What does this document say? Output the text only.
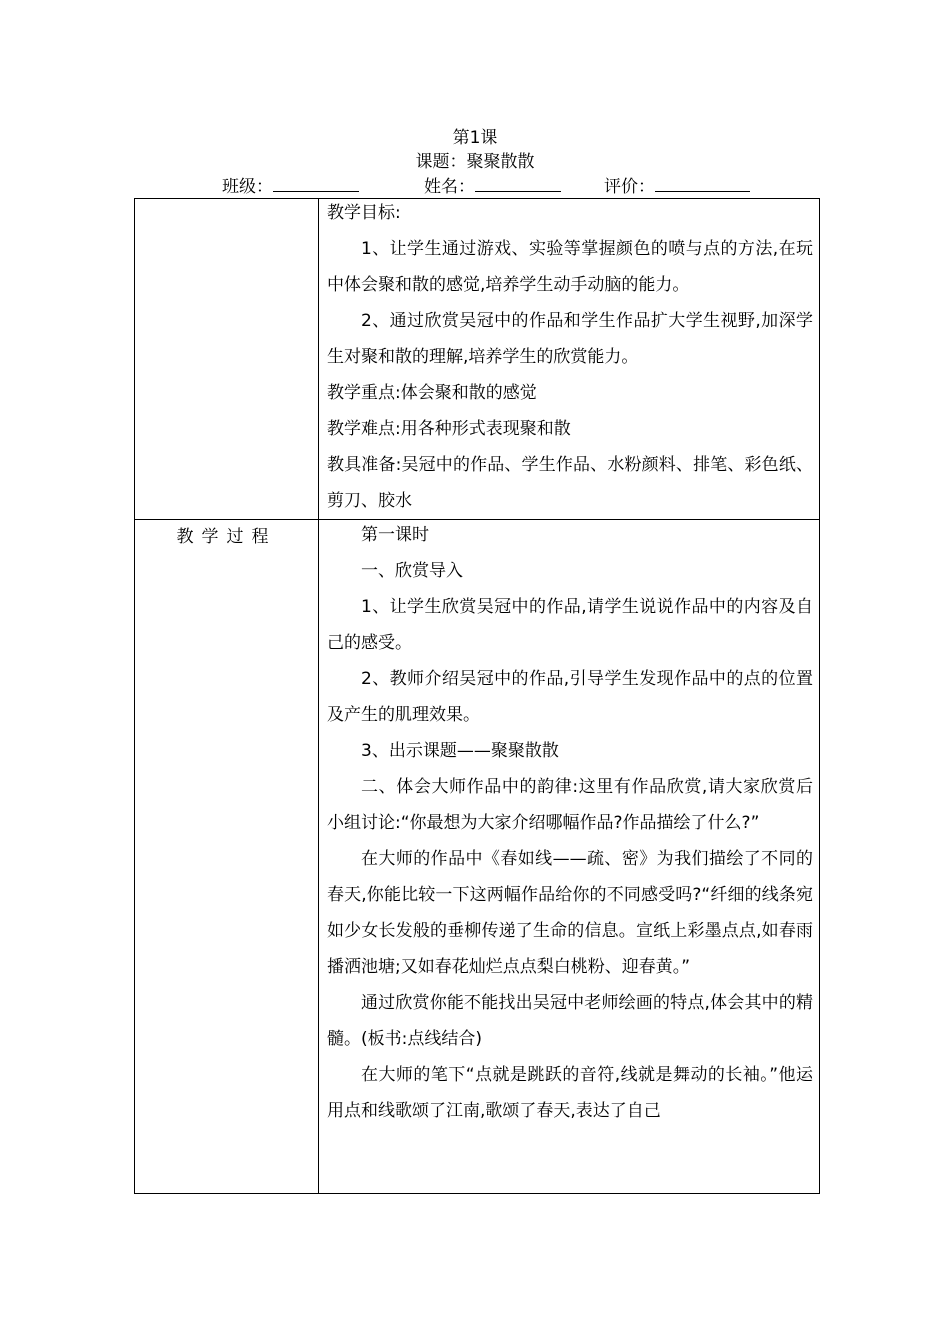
第1课
课题：聚聚散散
班级：	姓名：	评价：
教学过程

教学目标:

1、让学生通过游戏、实验等掌握颜色的喷与点的方法,在玩中体会聚和散的感觉,培养学生动手动脑的能力。

2、通过欣赏吴冠中的作品和学生作品扩大学生视野,加深学生对聚和散的理解,培养学生的欣赏能力。

教学重点:体会聚和散的感觉

教学难点:用各种形式表现聚和散

教具准备:吴冠中的作品、学生作品、水粉颜料、排笔、彩色纸、剪刀、胶水

第一课时

一、欣赏导入

1、让学生欣赏吴冠中的作品,请学生说说作品中的内容及自己的感受。

2、教师介绍吴冠中的作品,引导学生发现作品中的点的位置及产生的肌理效果。

3、出示课题——聚聚散散

二、体会大师作品中的韵律:这里有作品欣赏,请大家欣赏后小组讨论:“你最想为大家介绍哪幅作品?作品描绘了什么?”

在大师的作品中《春如线——疏、密》为我们描绘了不同的春天,你能比较一下这两幅作品给你的不同感受吗?“纤细的线条宛如少女长发般的垂柳传递了生命的信息。宣纸上彩墨点点,如春雨播洒池塘;又如春花灿烂点点梨白桃粉、迎春黄。”

通过欣赏你能不能找出吴冠中老师绘画的特点,体会其中的精髓。(板书:点线结合)

在大师的笔下“点就是跳跃的音符,线就是舞动的长袖。”他运用点和线歌颂了江南,歌颂了春天,表达了自己
